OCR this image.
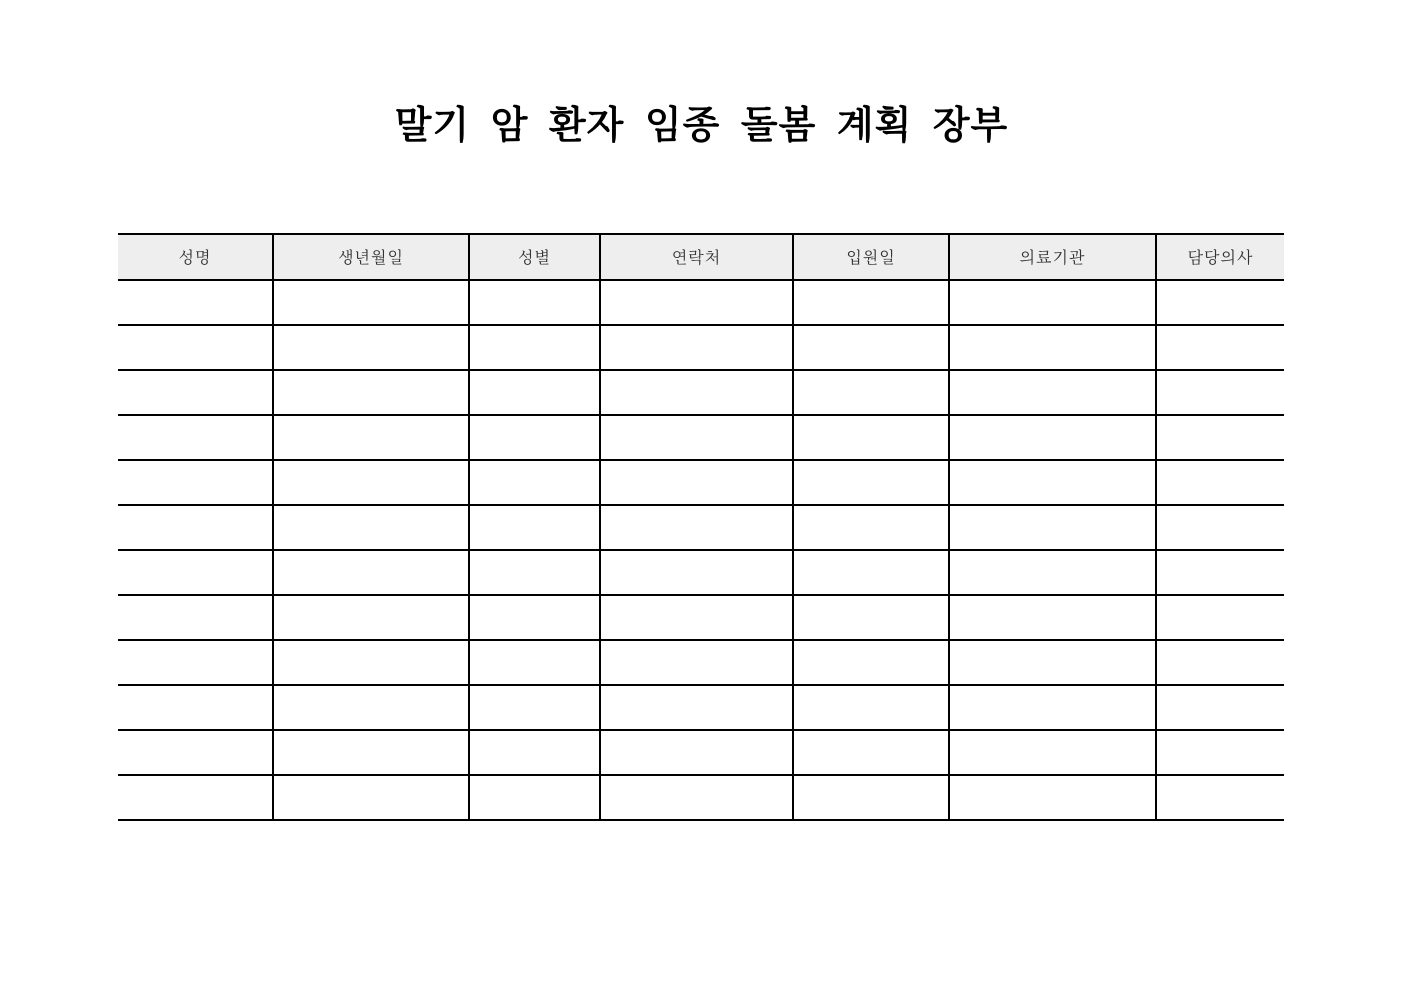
말기 암 환자 임종 돌봄 계획 장부
성명	생년월일	성별	연락처	입원일	의료기관	담당의사
